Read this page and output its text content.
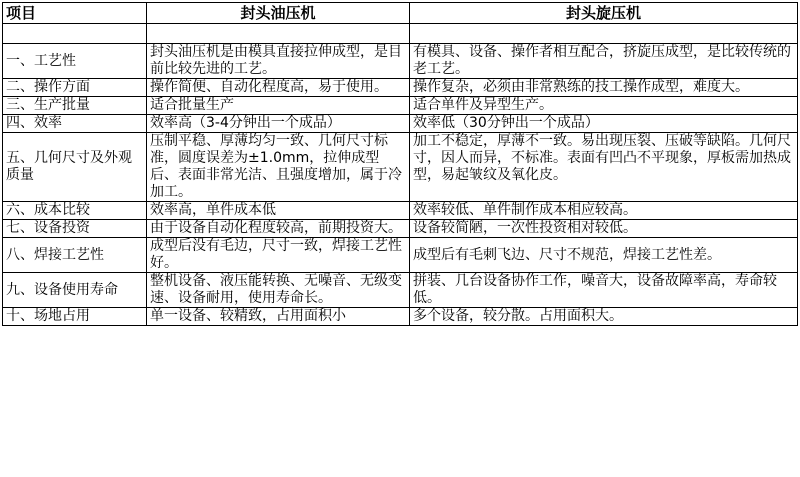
项目	封头油压机	封头旋压机

一、工艺性	封头油压机是由模具直接拉伸成型，是目前比较先进的工艺。	有模具、设备、操作者相互配合，挤旋压成型，是比较传统的老工艺。
二、操作方面	操作简便、自动化程度高，易于使用。	操作复杂，必须由非常熟练的技工操作成型，难度大。
三、生产批量	适合批量生产	适合单件及异型生产。
四、效率	效率高（3-4分钟出一个成品）	效率低（30分钟出一个成品）
五、几何尺寸及外观质量	压制平稳、厚薄均匀一致、几何尺寸标准，圆度误差为±1.0mm，拉伸成型后、表面非常光洁、且强度增加，属于冷加工。	加工不稳定，厚薄不一致。易出现压裂、压破等缺陷。几何尺寸，因人而异，不标准。表面有凹凸不平现象，厚板需加热成型，易起皱纹及氧化皮。
六、成本比较	效率高，单件成本低	效率较低、单件制作成本相应较高。
七、设备投资	由于设备自动化程度较高，前期投资大。	设备较简陋，一次性投资相对较低。
八、焊接工艺性	成型后没有毛边，尺寸一致，焊接工艺性好。	成型后有毛刺飞边、尺寸不规范，焊接工艺性差。
九、设备使用寿命	整机设备、液压能转换、无噪音、无级变速、设备耐用，使用寿命长。	拼装、几台设备协作工作，噪音大，设备故障率高，寿命较低。
十、场地占用	单一设备、较精致，占用面积小	多个设备，较分散。占用面积大。
